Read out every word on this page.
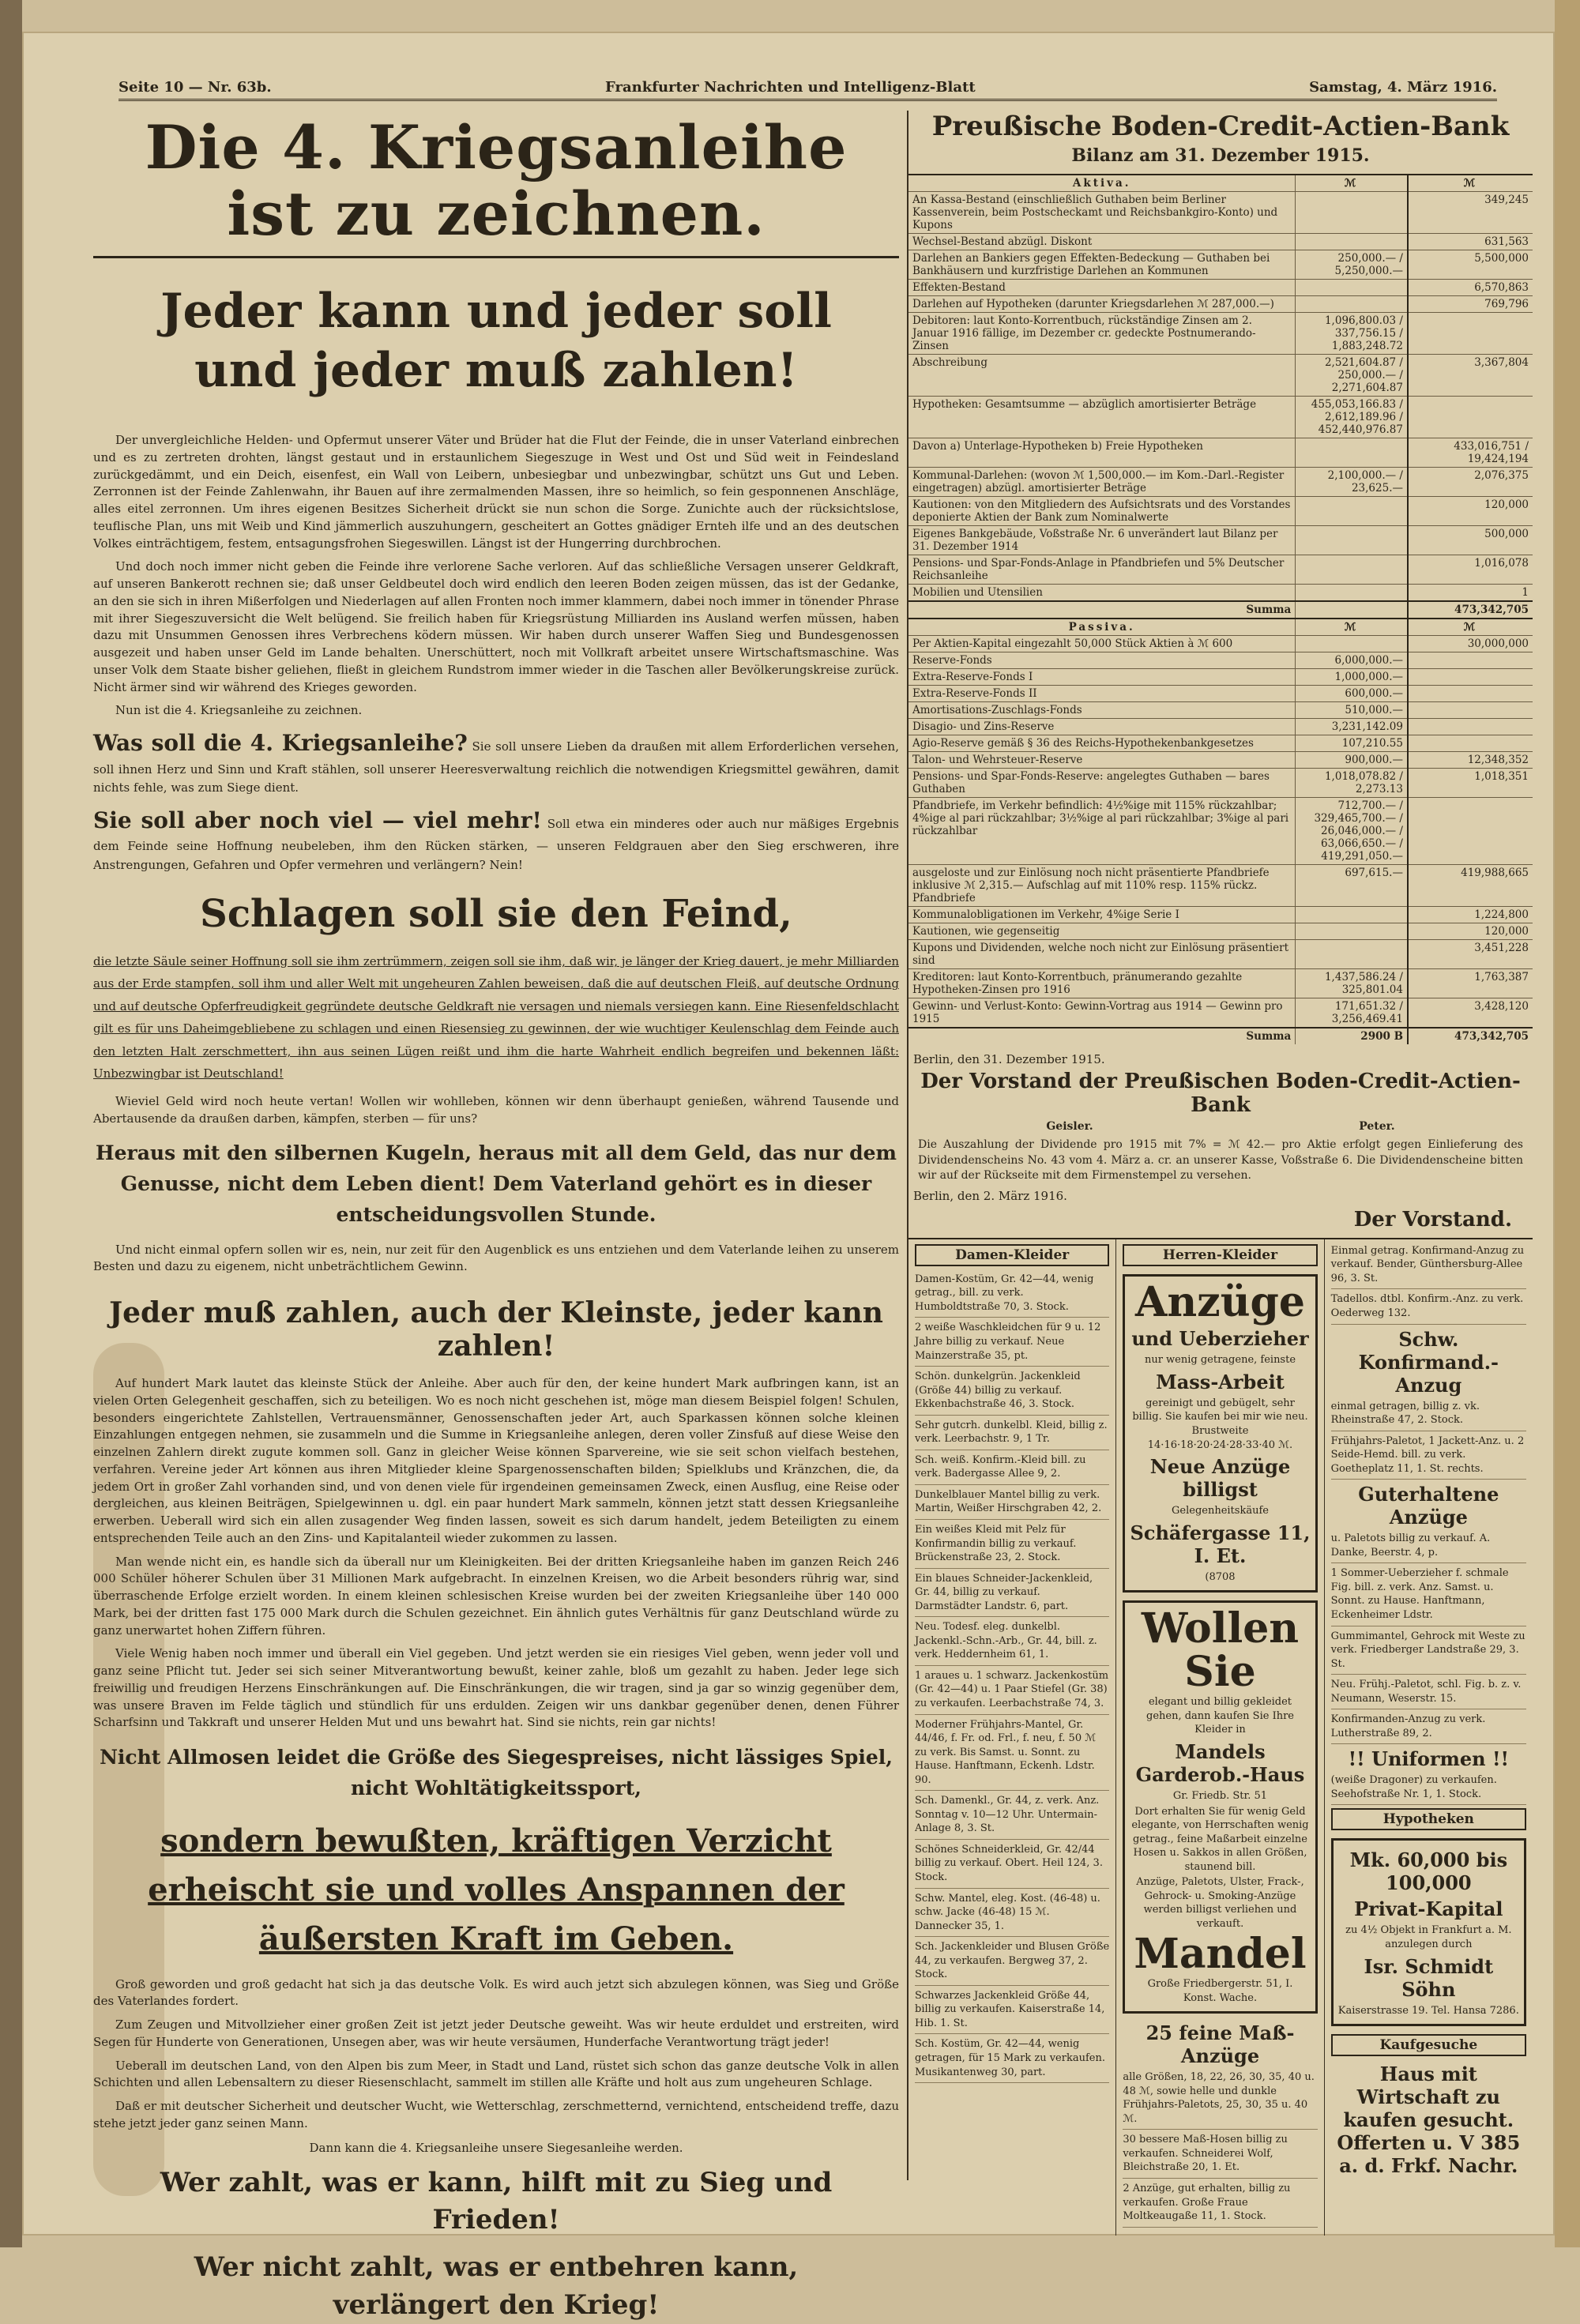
Seite 10 — Nr. 63b.	Frankfurter Nachrichten und Intelligenz-Blatt	Samstag, 4. März 1916.
Die 4. Kriegsanleihe ist zu zeichnen.
Jeder kann und jeder soll
und jeder muß zahlen!

Der unvergleichliche Helden- und Opfermut unserer Väter und Brüder hat die Flut der Feinde, die in unser Vaterland einbrechen und es zu zertreten drohten, längst gestaut und in erstaunlichem Siegeszuge in West und Ost und Süd weit in Feindesland zurückgedämmt, und ein Deich, eisenfest, ein Wall von Leibern, unbesiegbar und unbezwingbar, schützt uns Gut und Leben. Zerronnen ist der Feinde Zahlenwahn, ihr Bauen auf ihre zermalmenden Massen, ihre so heimlich, so fein gesponnenen Anschläge, alles eitel zerronnen. Um ihres eigenen Besitzes Sicherheit drückt sie nun schon die Sorge. Zunichte auch der rücksichtslose, teuflische Plan, uns mit Weib und Kind jämmerlich auszuhungern, gescheitert an Gottes gnädiger Ernteh ilfe und an des deutschen Volkes einträchtigem, festem, entsagungsfrohen Siegeswillen. Längst ist der Hungerring durchbrochen.

Und doch noch immer nicht geben die Feinde ihre verlorene Sache verloren. Auf das schließliche Versagen unserer Geldkraft, auf unseren Bankerott rechnen sie; daß unser Geldbeutel doch wird endlich den leeren Boden zeigen müssen, das ist der Gedanke, an den sie sich in ihren Mißerfolgen und Niederlagen auf allen Fronten noch immer klammern, dabei noch immer in tönender Phrase mit ihrer Siegeszuversicht die Welt belügend. Sie freilich haben für Kriegsrüstung Milliarden ins Ausland werfen müssen, haben dazu mit Unsummen Genossen ihres Verbrechens ködern müssen. Wir haben durch unserer Waffen Sieg und Bundesgenossen ausgezeit und haben unser Geld im Lande behalten. Unerschüttert, noch mit Vollkraft arbeitet unsere Wirtschaftsmaschine. Was unser Volk dem Staate bisher geliehen, fließt in gleichem Rundstrom immer wieder in die Taschen aller Bevölkerungskreise zurück. Nicht ärmer sind wir während des Krieges geworden.

Nun ist die 4. Kriegsanleihe zu zeichnen.

Was soll die 4. Kriegsanleihe? Sie soll unsere Lieben da draußen mit allem Erforderlichen versehen, soll ihnen Herz und Sinn und Kraft stählen, soll unserer Heeresverwaltung reichlich die notwendigen Kriegsmittel gewähren, damit nichts fehle, was zum Siege dient.

Sie soll aber noch viel — viel mehr! Soll etwa ein minderes oder auch nur mäßiges Ergebnis dem Feinde seine Hoffnung neubeleben, ihm den Rücken stärken, — unseren Feldgrauen aber den Sieg erschweren, ihre Anstrengungen, Gefahren und Opfer vermehren und verlängern? Nein!

Schlagen soll sie den Feind,

die letzte Säule seiner Hoffnung soll sie ihm zertrümmern, zeigen soll sie ihm, daß wir, je länger der Krieg dauert, je mehr Milliarden aus der Erde stampfen, soll ihm und aller Welt mit ungeheuren Zahlen beweisen, daß die auf deutschen Fleiß, auf deutsche Ordnung und auf deutsche Opferfreudigkeit gegründete deutsche Geldkraft nie versagen und niemals versiegen kann. Eine Riesenfeldschlacht gilt es für uns Daheimgebliebene zu schlagen und einen Riesensieg zu gewinnen, der wie wuchtiger Keulenschlag dem Feinde auch den letzten Halt zerschmettert, ihn aus seinen Lügen reißt und ihm die harte Wahrheit endlich begreifen und bekennen läßt: Unbezwingbar ist Deutschland!

Wieviel Geld wird noch heute vertan! Wollen wir wohlleben, können wir denn überhaupt genießen, während Tausende und Abertausende da draußen darben, kämpfen, sterben — für uns?

Heraus mit den silbernen Kugeln, heraus mit all dem Geld, das nur dem Genusse, nicht dem Leben dient! Dem Vaterland gehört es in dieser entscheidungsvollen Stunde.

Und nicht einmal opfern sollen wir es, nein, nur zeit für den Augenblick es uns entziehen und dem Vaterlande leihen zu unserem Besten und dazu zu eigenem, nicht unbeträchtlichem Gewinn.

Jeder muß zahlen, auch der Kleinste, jeder kann zahlen!

Auf hundert Mark lautet das kleinste Stück der Anleihe. Aber auch für den, der keine hundert Mark aufbringen kann, ist an vielen Orten Gelegenheit geschaffen, sich zu beteiligen. Wo es noch nicht geschehen ist, möge man diesem Beispiel folgen! Schulen, besonders eingerichtete Zahlstellen, Vertrauensmänner, Genossenschaften jeder Art, auch Sparkassen können solche kleinen Einzahlungen entgegen nehmen, sie zusammeln und die Summe in Kriegsanleihe anlegen, deren voller Zinsfuß auf diese Weise den einzelnen Zahlern direkt zugute kommen soll. Ganz in gleicher Weise können Sparvereine, wie sie seit schon vielfach bestehen, verfahren. Vereine jeder Art können aus ihren Mitglieder kleine Spargenossenschaften bilden; Spielklubs und Kränzchen, die, da jedem Ort in großer Zahl vorhanden sind, und von denen viele für irgendeinen gemeinsamen Zweck, einen Ausflug, eine Reise oder dergleichen, aus kleinen Beiträgen, Spielgewinnen u. dgl. ein paar hundert Mark sammeln, können jetzt statt dessen Kriegsanleihe erwerben. Ueberall wird sich ein allen zusagender Weg finden lassen, soweit es sich darum handelt, jedem Beteiligten zu einem entsprechenden Teile auch an den Zins- und Kapitalanteil wieder zukommen zu lassen.

Man wende nicht ein, es handle sich da überall nur um Kleinigkeiten. Bei der dritten Kriegsanleihe haben im ganzen Reich 246 000 Schüler höherer Schulen über 31 Millionen Mark aufgebracht. In einzelnen Kreisen, wo die Arbeit besonders rührig war, sind überraschende Erfolge erzielt worden. In einem kleinen schlesischen Kreise wurden bei der zweiten Kriegsanleihe über 140 000 Mark, bei der dritten fast 175 000 Mark durch die Schulen gezeichnet. Ein ähnlich gutes Verhältnis für ganz Deutschland würde zu ganz unerwartet hohen Ziffern führen.

Viele Wenig haben noch immer und überall ein Viel gegeben. Und jetzt werden sie ein riesiges Viel geben, wenn jeder voll und ganz seine Pflicht tut. Jeder sei sich seiner Mitverantwortung bewußt, keiner zahle, bloß um gezahlt zu haben. Jeder lege sich freiwillig und freudigen Herzens Einschränkungen auf. Die Einschränkungen, die wir tragen, sind ja gar so winzig gegenüber dem, was unsere Braven im Felde täglich und stündlich für uns erdulden. Zeigen wir uns dankbar gegenüber denen, denen Führer Scharfsinn und Takkraft und unserer Helden Mut und uns bewahrt hat. Sind sie nichts, rein gar nichts!

Nicht Allmosen leidet die Größe des Siegespreises, nicht lässiges Spiel, nicht Wohltätigkeitssport,

sondern bewußten, kräftigen Verzicht erheischt sie und volles Anspannen der äußersten Kraft im Geben.

Groß geworden und groß gedacht hat sich ja das deutsche Volk. Es wird auch jetzt sich abzulegen können, was Sieg und Größe des Vaterlandes fordert.

Zum Zeugen und Mitvollzieher einer großen Zeit ist jetzt jeder Deutsche geweiht. Was wir heute erduldet und erstreiten, wird Segen für Hunderte von Generationen, Unsegen aber, was wir heute versäumen, Hunderfache Verantwortung trägt jeder!

Ueberall im deutschen Land, von den Alpen bis zum Meer, in Stadt und Land, rüstet sich schon das ganze deutsche Volk in allen Schichten und allen Lebensaltern zu dieser Riesenschlacht, sammelt im stillen alle Kräfte und holt aus zum ungeheuren Schlage.

Daß er mit deutscher Sicherheit und deutscher Wucht, wie Wetterschlag, zerschmetternd, vernichtend, entscheidend treffe, dazu stehe jetzt jeder ganz seinen Mann.

Dann kann die 4. Kriegsanleihe unsere Siegesanleihe werden.

Wer zahlt, was er kann, hilft mit zu Sieg und Frieden!

Wer nicht zahlt, was er entbehren kann,
verlängert den Krieg!

Preußische Boden-Credit-Actien-Bank
Bilanz am 31. Dezember 1915.
Aktiva.	ℳ	ℳ
An Kassa-Bestand (einschließlich Guthaben beim Berliner Kassenverein, beim Postscheckamt und Reichsbankgiro-Konto) und Kupons		349,245
Wechsel-Bestand abzügl. Diskont		631,563
Darlehen an Bankiers gegen Effekten-Bedeckung — Guthaben bei Bankhäusern und kurzfristige Darlehen an Kommunen	250,000.— / 5,250,000.—	5,500,000
Effekten-Bestand		6,570,863
Darlehen auf Hypotheken (darunter Kriegsdarlehen ℳ 287,000.—)		769,796
Debitoren: laut Konto-Korrentbuch, rückständige Zinsen am 2. Januar 1916 fällige, im Dezember cr. gedeckte Postnumerando-Zinsen	1,096,800.03 / 337,756.15 / 1,883,248.72	
Abschreibung	2,521,604.87 / 250,000.— / 2,271,604.87	3,367,804
Hypotheken: Gesamtsumme — abzüglich amortisierter Beträge	455,053,166.83 / 2,612,189.96 / 452,440,976.87	
Davon a) Unterlage-Hypotheken b) Freie Hypotheken		433,016,751 / 19,424,194
Kommunal-Darlehen: (wovon ℳ 1,500,000.— im Kom.-Darl.-Register eingetragen) abzügl. amortisierter Beträge	2,100,000.— / 23,625.—	2,076,375
Kautionen: von den Mitgliedern des Aufsichtsrats und des Vorstandes deponierte Aktien der Bank zum Nominalwerte		120,000
Eigenes Bankgebäude, Voßstraße Nr. 6 unverändert laut Bilanz per 31. Dezember 1914		500,000
Pensions- und Spar-Fonds-Anlage in Pfandbriefen und 5% Deutscher Reichsanleihe		1,016,078
Mobilien und Utensilien		1
Summa		473,342,705
Passiva.	ℳ	ℳ
Per Aktien-Kapital eingezahlt 50,000 Stück Aktien à ℳ 600		30,000,000
Reserve-Fonds	6,000,000.—	
Extra-Reserve-Fonds I	1,000,000.—	
Extra-Reserve-Fonds II	600,000.—	
Amortisations-Zuschlags-Fonds	510,000.—	
Disagio- und Zins-Reserve	3,231,142.09	
Agio-Reserve gemäß § 36 des Reichs-Hypothekenbankgesetzes	107,210.55	
Talon- und Wehrsteuer-Reserve	900,000.—	12,348,352
Pensions- und Spar-Fonds-Reserve: angelegtes Guthaben — bares Guthaben	1,018,078.82 / 2,273.13	1,018,351
Pfandbriefe, im Verkehr befindlich: 4½%ige mit 115% rückzahlbar; 4%ige al pari rückzahlbar; 3½%ige al pari rückzahlbar; 3%ige al pari rückzahlbar	712,700.— / 329,465,700.— / 26,046,000.— / 63,066,650.— / 419,291,050.—	
ausgeloste und zur Einlösung noch nicht präsentierte Pfandbriefe inklusive ℳ 2,315.— Aufschlag auf mit 110% resp. 115% rückz. Pfandbriefe	697,615.—	419,988,665
Kommunalobligationen im Verkehr, 4%ige Serie I		1,224,800
Kautionen, wie gegenseitig		120,000
Kupons und Dividenden, welche noch nicht zur Einlösung präsentiert sind		3,451,228
Kreditoren: laut Konto-Korrentbuch, pränumerando gezahlte Hypotheken-Zinsen pro 1916	1,437,586.24 / 325,801.04	1,763,387
Gewinn- und Verlust-Konto: Gewinn-Vortrag aus 1914 — Gewinn pro 1915	171,651.32 / 3,256,469.41	3,428,120
Summa	2900 B	473,342,705
Berlin, den 31. Dezember 1915.
Der Vorstand der Preußischen Boden-Credit-Actien-Bank
Geisler.	Peter.

Die Auszahlung der Dividende pro 1915 mit 7% = ℳ 42.— pro Aktie erfolgt gegen Einlieferung des Dividendenscheins No. 43 vom 4. März a. cr. an unserer Kasse, Voßstraße 6. Die Dividendenscheine bitten wir auf der Rückseite mit dem Firmenstempel zu versehen.

Berlin, den 2. März 1916.
Der Vorstand.
Damen-Kleider

Damen-Kostüm, Gr. 42—44, wenig getrag., bill. zu verk. Humboldtstraße 70, 3. Stock.

2 weiße Waschkleidchen für 9 u. 12 Jahre billig zu verkauf. Neue Mainzerstraße 35, pt.

Schön. dunkelgrün. Jackenkleid (Größe 44) billig zu verkauf. Ekkenbachstraße 46, 3. Stock.

Sehr gutcrh. dunkelbl. Kleid, billig z. verk. Leerbachstr. 9, 1 Tr.

Sch. weiß. Konfirm.-Kleid bill. zu verk. Badergasse Allee 9, 2.

Dunkelblauer Mantel billig zu verk. Martin, Weißer Hirschgraben 42, 2.

Ein weißes Kleid mit Pelz für Konfirmandin billig zu verkauf. Brückenstraße 23, 2. Stock.

Ein blaues Schneider-Jackenkleid, Gr. 44, billig zu verkauf. Darmstädter Landstr. 6, part.

Neu. Todesf. eleg. dunkelbl. Jackenkl.-Schn.-Arb., Gr. 44, bill. z. verk. Heddernheim 61, 1.

1 araues u. 1 schwarz. Jackenkostüm (Gr. 42—44) u. 1 Paar Stiefel (Gr. 38) zu verkaufen. Leerbachstraße 74, 3.

Moderner Frühjahrs-Mantel, Gr. 44/46, f. Fr. od. Frl., f. neu, f. 50 ℳ zu verk. Bis Samst. u. Sonnt. zu Hause. Hanftmann, Eckenh. Ldstr. 90.

Sch. Damenkl., Gr. 44, z. verk. Anz. Sonntag v. 10—12 Uhr. Untermain-Anlage 8, 3. St.

Schönes Schneiderkleid, Gr. 42/44 billig zu verkauf. Obert. Heil 124, 3. Stock.

Schw. Mantel, eleg. Kost. (46-48) u. schw. Jacke (46-48) 15 ℳ. Dannecker 35, 1.

Sch. Jackenkleider und Blusen Größe 44, zu verkaufen. Bergweg 37, 2. Stock.

Schwarzes Jackenkleid Größe 44, billig zu verkaufen. Kaiserstraße 14, Hib. 1. St.

Sch. Kostüm, Gr. 42—44, wenig getragen, für 15 Mark zu verkaufen. Musikantenweg 30, part.

Herren-Kleider

Anzüge

und Ueberzieher

nur wenig getragene, feinste

Mass-Arbeit

gereinigt und gebügelt, sehr billig. Sie kaufen bei mir wie neu. Brustweite 14·16·18·20·24·28·33·40 ℳ.

Neue Anzüge billigst

Gelegenheitskäufe

Schäfergasse 11, I. Et.

(8708

Wollen Sie

elegant und billig gekleidet gehen, dann kaufen Sie Ihre Kleider in

Mandels Garderob.-Haus

Gr. Friedb. Str. 51

Dort erhalten Sie für wenig Geld elegante, von Herrschaften wenig getrag., feine Maßarbeit einzelne Hosen u. Sakkos in allen Größen, staunend bill.

Anzüge, Paletots, Ulster, Frack-, Gehrock- u. Smoking-Anzüge werden billigst verliehen und verkauft.

Mandel

Große Friedbergerstr. 51, I. Konst. Wache.

25 feine Maß-Anzüge

alle Größen, 18, 22, 26, 30, 35, 40 u. 48 ℳ, sowie helle und dunkle Frühjahrs-Paletots, 25, 30, 35 u. 40 ℳ.

30 bessere Maß-Hosen billig zu verkaufen. Schneiderei Wolf, Bleichstraße 20, 1. Et.

2 Anzüge, gut erhalten, billig zu verkaufen. Große Fraue Moltkeaugaße 11, 1. Stock.

Einmal getrag. Konfirmand-Anzug zu verkauf. Bender, Günthersburg-Allee 96, 3. St.

Tadellos. dtbl. Konfirm.-Anz. zu verk. Oederweg 132.

Schw. Konfirmand.-Anzug

einmal getragen, billig z. vk. Rheinstraße 47, 2. Stock.

Frühjahrs-Paletot, 1 Jackett-Anz. u. 2 Seide-Hemd. bill. zu verk. Goetheplatz 11, 1. St. rechts.

Guterhaltene Anzüge

u. Paletots billig zu verkauf. A. Danke, Beerstr. 4, p.

1 Sommer-Ueberzieher f. schmale Fig. bill. z. verk. Anz. Samst. u. Sonnt. zu Hause. Hanftmann, Eckenheimer Ldstr.

Gummimantel, Gehrock mit Weste zu verk. Friedberger Landstraße 29, 3. St.

Neu. Frühj.-Paletot, schl. Fig. b. z. v. Neumann, Weserstr. 15.

Konfirmanden-Anzug zu verk. Lutherstraße 89, 2.

!! Uniformen !!

(weiße Dragoner) zu verkaufen. Seehofstraße Nr. 1, 1. Stock.

Hypotheken

Mk. 60,000 bis 100,000

Privat-Kapital

zu 4½ Objekt in Frankfurt a. M. anzulegen durch

Isr. Schmidt Söhn

Kaiserstrasse 19. Tel. Hansa 7286.

Kaufgesuche

Haus mit Wirtschaft zu kaufen gesucht. Offerten u. V 385 a. d. Frkf. Nachr.
